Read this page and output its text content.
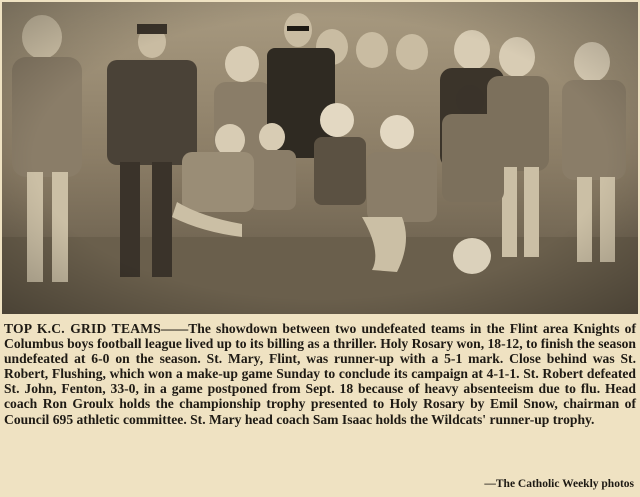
TOP K.C. GRID TEAMS——The showdown between two undefeated teams in the Flint area Knights of Columbus boys football league lived up to its billing as a thriller. Holy Rosary won, 18-12, to finish the season undefeated at 6-0 on the season. St. Mary, Flint, was runner-up with a 5-1 mark. Close behind was St. Robert, Flushing, which won a make-up game Sunday to conclude its campaign at 4-1-1. St. Robert defeated St. John, Fenton, 33-0, in a game postponed from Sept. 18 because of heavy absenteeism due to flu. Head coach Ron Groulx holds the championship trophy presented to Holy Rosary by Emil Snow, chairman of Council 695 athletic committee. St. Mary head coach Sam Isaac holds the Wildcats' runner-up trophy.

—The Catholic Weekly photos
